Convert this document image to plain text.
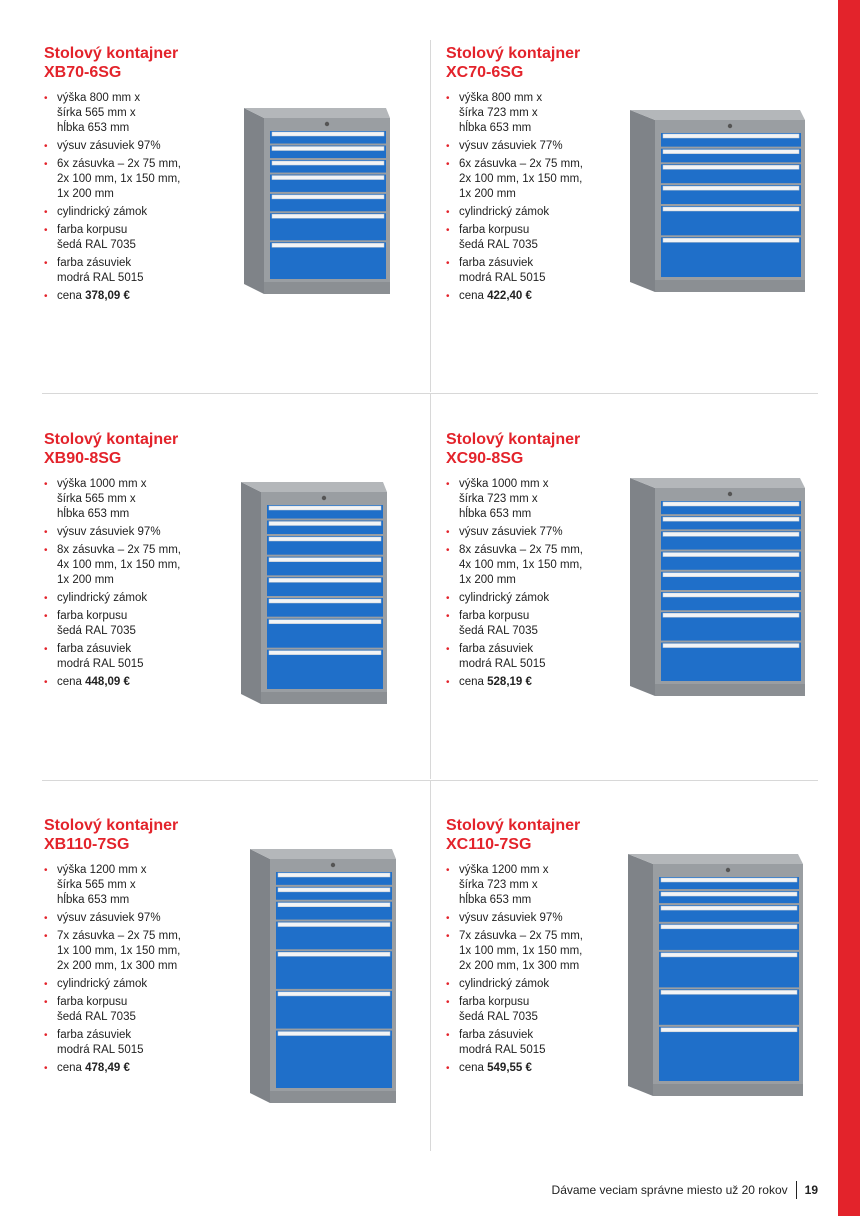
Stolový kontajner
XB70-6SG
• výška 800 mm x
šírka 565 mm x
hĺbka 653 mm
• výsuv zásuviek 97%
• 6x zásuvka – 2x 75 mm,
2x 100 mm, 1x 150 mm,
1x 200 mm
• cylindrický zámok
• farba korpusu
šedá RAL 7035
• farba zásuviek
modrá RAL 5015
• cena 378,09 €
Stolový kontajner
XC70-6SG
• výška 800 mm x
šírka 723 mm x
hĺbka 653 mm
• výsuv zásuviek 77%
• 6x zásuvka – 2x 75 mm,
2x 100 mm, 1x 150 mm,
1x 200 mm
• cylindrický zámok
• farba korpusu
šedá RAL 7035
• farba zásuviek
modrá RAL 5015
• cena 422,40 €
Stolový kontajner
XB90-8SG
• výška 1000 mm x
šírka 565 mm x
hĺbka 653 mm
• výsuv zásuviek 97%
• 8x zásuvka – 2x 75 mm,
4x 100 mm, 1x 150 mm,
1x 200 mm
• cylindrický zámok
• farba korpusu
šedá RAL 7035
• farba zásuviek
modrá RAL 5015
• cena 448,09 €
Stolový kontajner
XC90-8SG
• výška 1000 mm x
šírka 723 mm x
hĺbka 653 mm
• výsuv zásuviek 77%
• 8x zásuvka – 2x 75 mm,
4x 100 mm, 1x 150 mm,
1x 200 mm
• cylindrický zámok
• farba korpusu
šedá RAL 7035
• farba zásuviek
modrá RAL 5015
• cena 528,19 €
Stolový kontajner
XB110-7SG
• výška 1200 mm x
šírka 565 mm x
hĺbka 653 mm
• výsuv zásuviek 97%
• 7x zásuvka – 2x 75 mm,
1x 100 mm, 1x 150 mm,
2x 200 mm, 1x 300 mm
• cylindrický zámok
• farba korpusu
šedá RAL 7035
• farba zásuviek
modrá RAL 5015
• cena 478,49 €
Stolový kontajner
XC110-7SG
• výška 1200 mm x
šírka 723 mm x
hĺbka 653 mm
• výsuv zásuviek 97%
• 7x zásuvka – 2x 75 mm,
1x 100 mm, 1x 150 mm,
2x 200 mm, 1x 300 mm
• cylindrický zámok
• farba korpusu
šedá RAL 7035
• farba zásuviek
modrá RAL 5015
• cena 549,55 €
Dávame veciam správne miesto už 20 rokov 19
